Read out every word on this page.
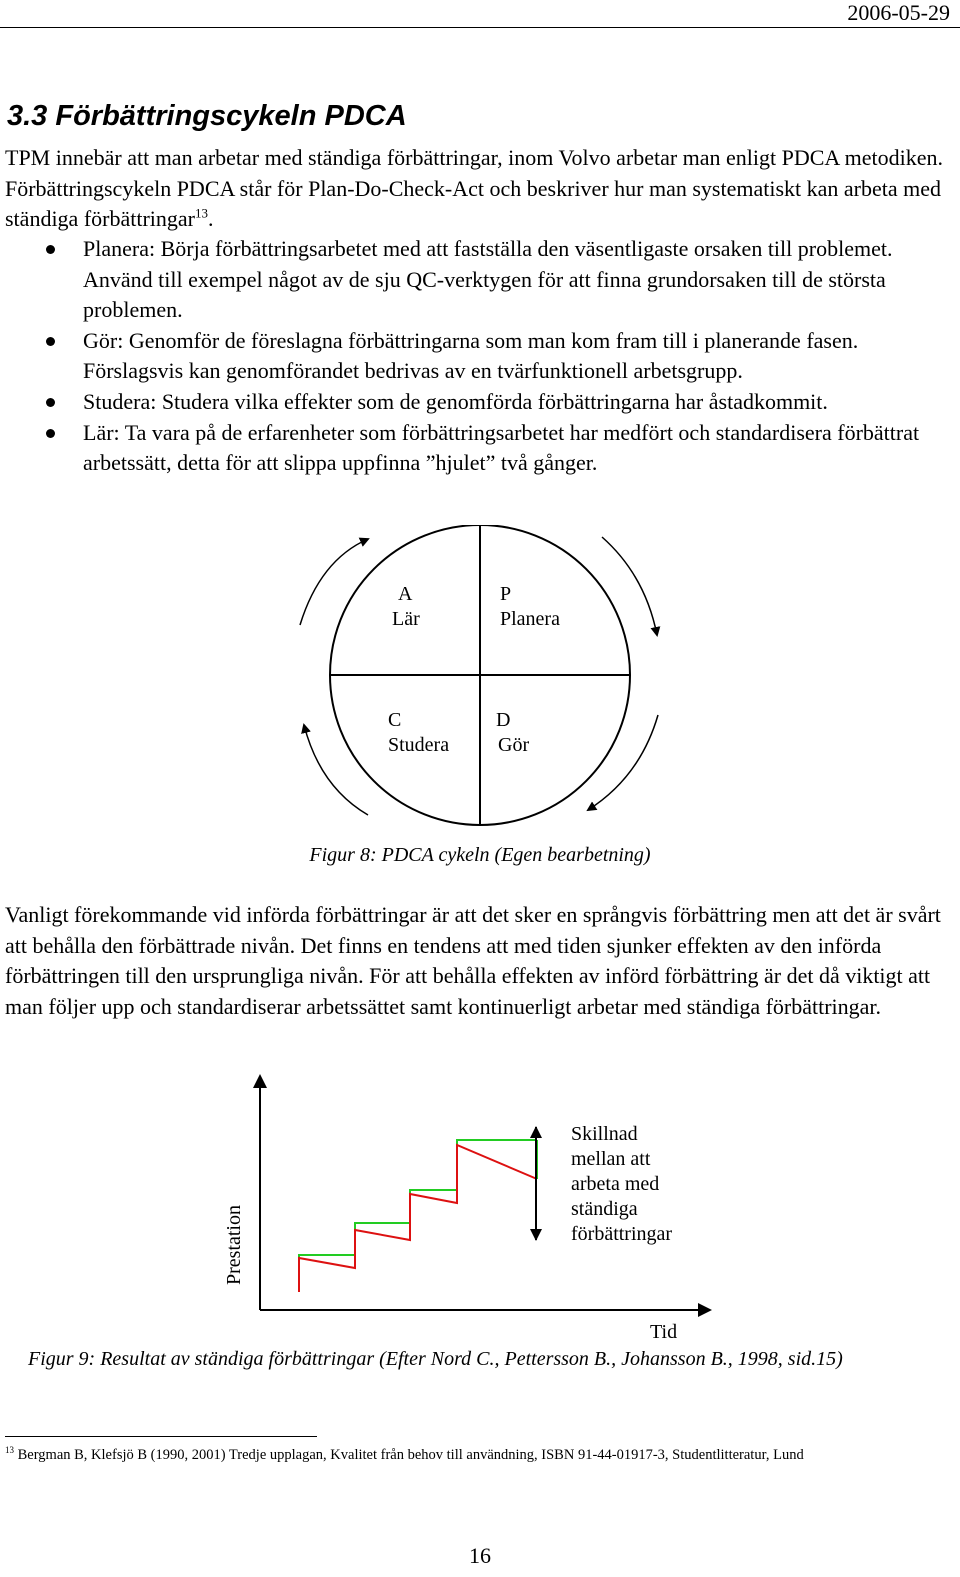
2006-05-29
3.3 Förbättringscykeln PDCA
TPM innebär att man arbetar med ständiga förbättringar, inom Volvo arbetar man enligt PDCA metodiken. Förbättringscykeln PDCA står för Plan-Do-Check-Act och beskriver hur man systematiskt kan arbeta med ständiga förbättringar$^{13}$.
Planera: Börja förbättringsarbetet med att fastställa den väsentligaste orsaken till problemet. Använd till exempel något av de sju QC-verktygen för att finna grundorsaken till de största problemen.
Gör: Genomför de föreslagna förbättringarna som man kom fram till i planerande fasen. Förslagsvis kan genomförandet bedrivas av en tvärfunktionell arbetsgrupp.
Studera: Studera vilka effekter som de genomförda förbättringarna har åstadkommit.
Lär: Ta vara på de erfarenheter som förbättringsarbetet har medfört och standardisera förbättrat arbetssätt, detta för att slippa uppfinna ”hjulet” två gånger.
A
Lär
P
Planera
C
Studera
D
Gör
Figur 8: PDCA cykeln (Egen bearbetning)
Vanligt förekommande vid införda förbättringar är att det sker en språngvis förbättring men att det är svårt att behålla den förbättrade nivån. Det finns en tendens att med tiden sjunker effekten av den införda förbättringen till den ursprungliga nivån. För att behålla effekten av införd förbättring är det då viktigt att man följer upp och standardiserar arbetssättet samt kontinuerligt arbetar med ständiga förbättringar.
Prestation
Tid
Skillnad mellan att arbeta med ständiga förbättringar
Figur 9: Resultat av ständiga förbättringar (Efter Nord C., Pettersson B., Johansson B., 1998, sid.15)
$^{13}$ Bergman B, Klefsjö B (1990, 2001) Tredje upplagan, Kvalitet från behov till användning, ISBN 91-44-01917-3, Studentlitteratur, Lund
16
